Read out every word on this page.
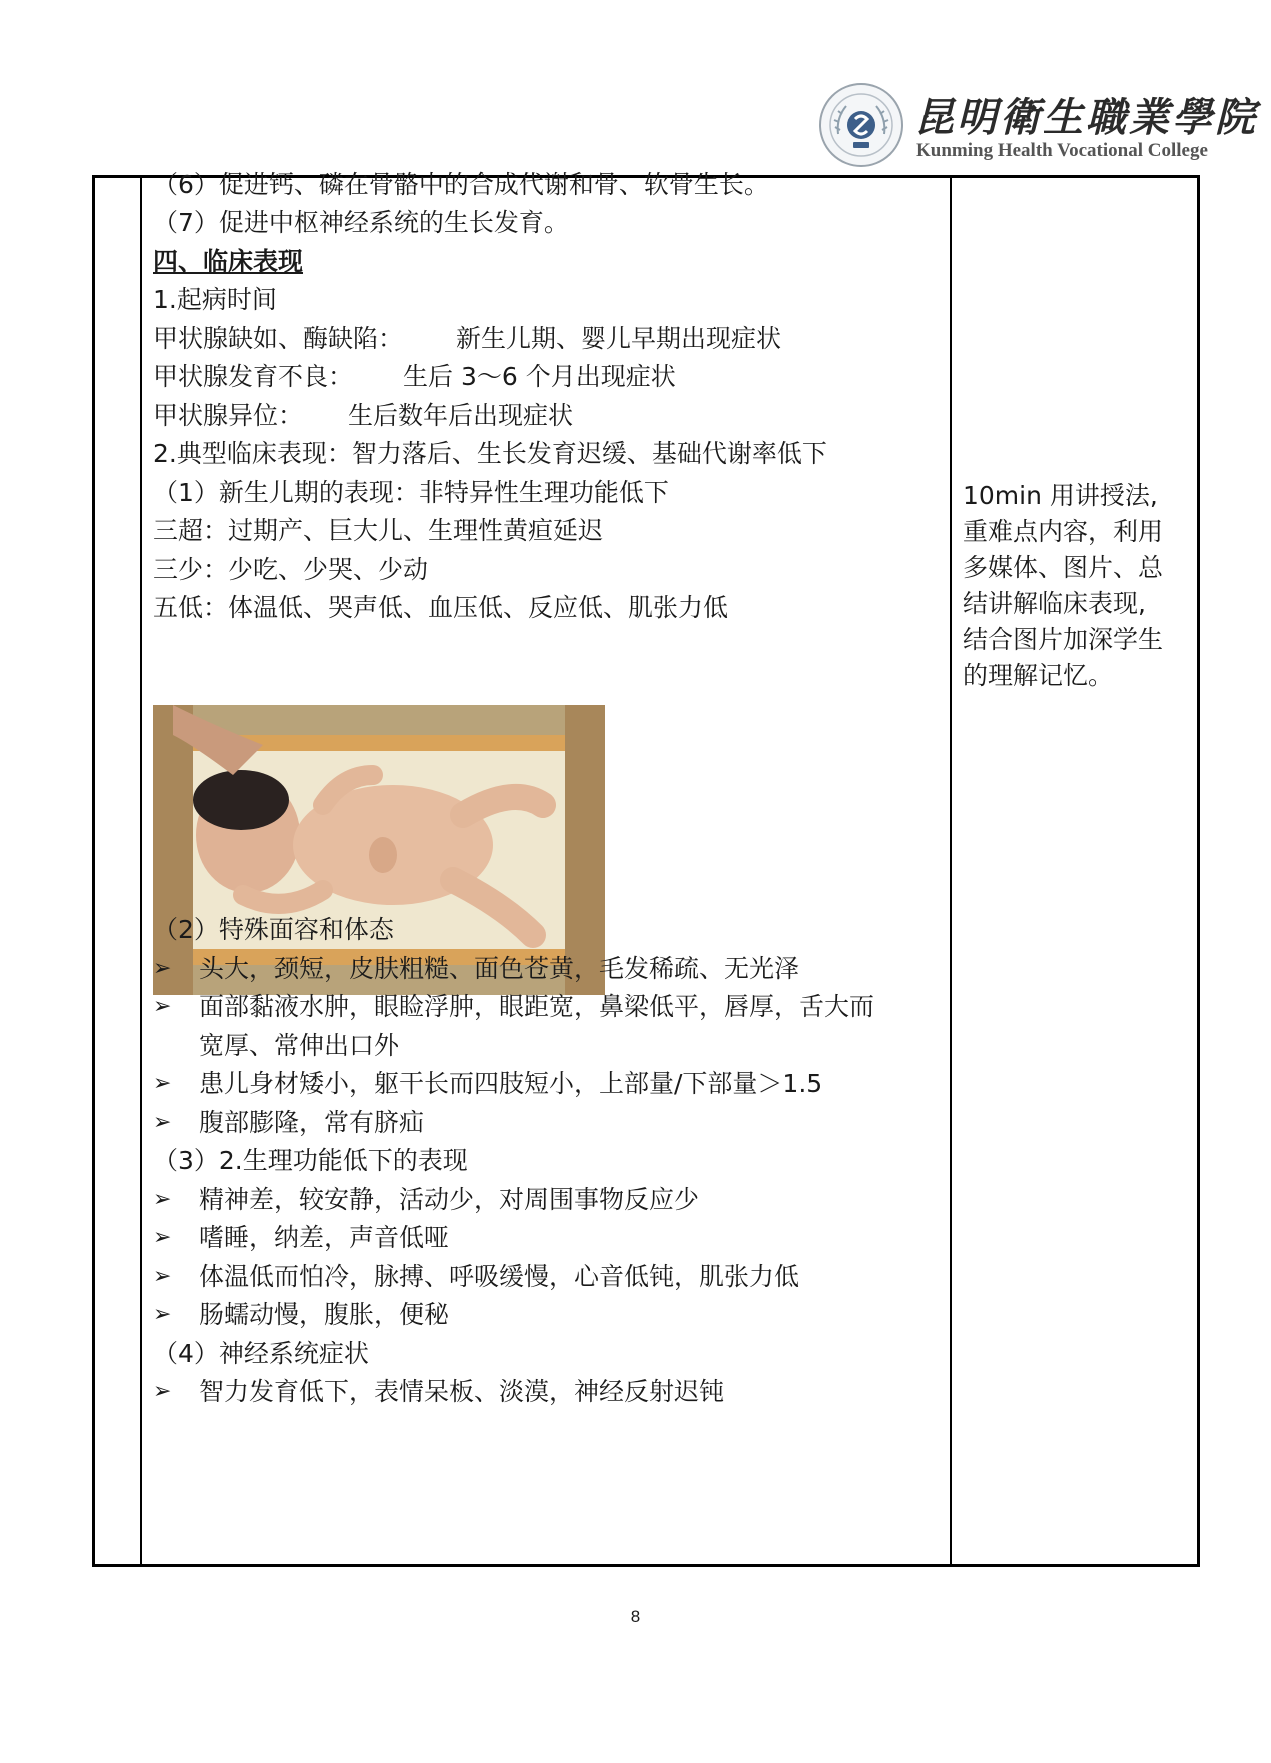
昆明衛生職業學院
Kunming Health Vocational College
（6）促进钙、磷在骨骼中的合成代谢和骨、软骨生长。
（7）促进中枢神经系统的生长发育。
四、临床表现
1.起病时间
甲状腺缺如、酶缺陷： 新生儿期、婴儿早期出现症状
甲状腺发育不良： 生后 3～6 个月出现症状
甲状腺异位： 生后数年后出现症状
2.典型临床表现：智力落后、生长发育迟缓、基础代谢率低下
（1）新生儿期的表现：非特异性生理功能低下
三超：过期产、巨大儿、生理性黄疸延迟
三少：少吃、少哭、少动
五低：体温低、哭声低、血压低、反应低、肌张力低
（2）特殊面容和体态
➢ 头大，颈短，皮肤粗糙、面色苍黄，毛发稀疏、无光泽
➢ 面部黏液水肿，眼睑浮肿，眼距宽，鼻梁低平，唇厚，舌大而
宽厚、常伸出口外
➢ 患儿身材矮小，躯干长而四肢短小，上部量/下部量＞1.5
➢ 腹部膨隆，常有脐疝
（3）2.生理功能低下的表现
➢ 精神差，较安静，活动少，对周围事物反应少
➢ 嗜睡，纳差，声音低哑
➢ 体温低而怕冷，脉搏、呼吸缓慢，心音低钝，肌张力低
➢ 肠蠕动慢，腹胀，便秘
（4）神经系统症状
➢ 智力发育低下，表情呆板、淡漠，神经反射迟钝
10min 用讲授法,
重难点内容，利用
多媒体、图片、总
结讲解临床表现,
结合图片加深学生
的理解记忆。
8
